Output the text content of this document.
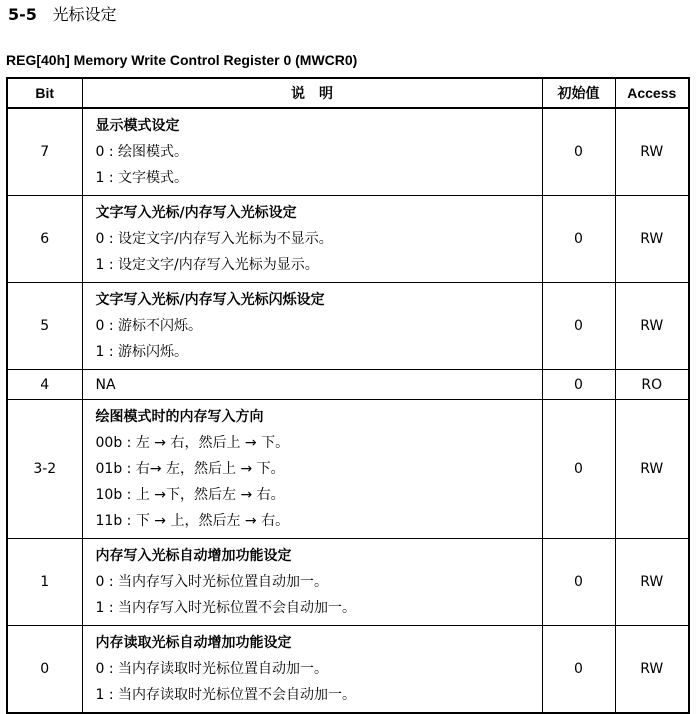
5-5 光标设定
REG[40h] Memory Write Control Register 0 (MWCR0)
Bit	说　明	初始值	Access
7	显示模式设定
0 : 绘图模式。
1 : 文字模式。	0	RW
6	文字写入光标/内存写入光标设定
0 : 设定文字/内存写入光标为不显示。
1 : 设定文字/内存写入光标为显示。	0	RW
5	文字写入光标/内存写入光标闪烁设定
0 : 游标不闪烁。
1 : 游标闪烁。	0	RW
4	NA	0	RO
3-2	绘图模式时的内存写入方向
00b : 左 → 右，然后上 → 下。
01b : 右→ 左，然后上 → 下。
10b : 上 →下，然后左 → 右。
11b : 下 → 上，然后左 → 右。	0	RW
1	内存写入光标自动增加功能设定
0 : 当内存写入时光标位置自动加一。
1 : 当内存写入时光标位置不会自动加一。	0	RW
0	内存读取光标自动增加功能设定
0 : 当内存读取时光标位置自动加一。
1 : 当内存读取时光标位置不会自动加一。	0	RW
